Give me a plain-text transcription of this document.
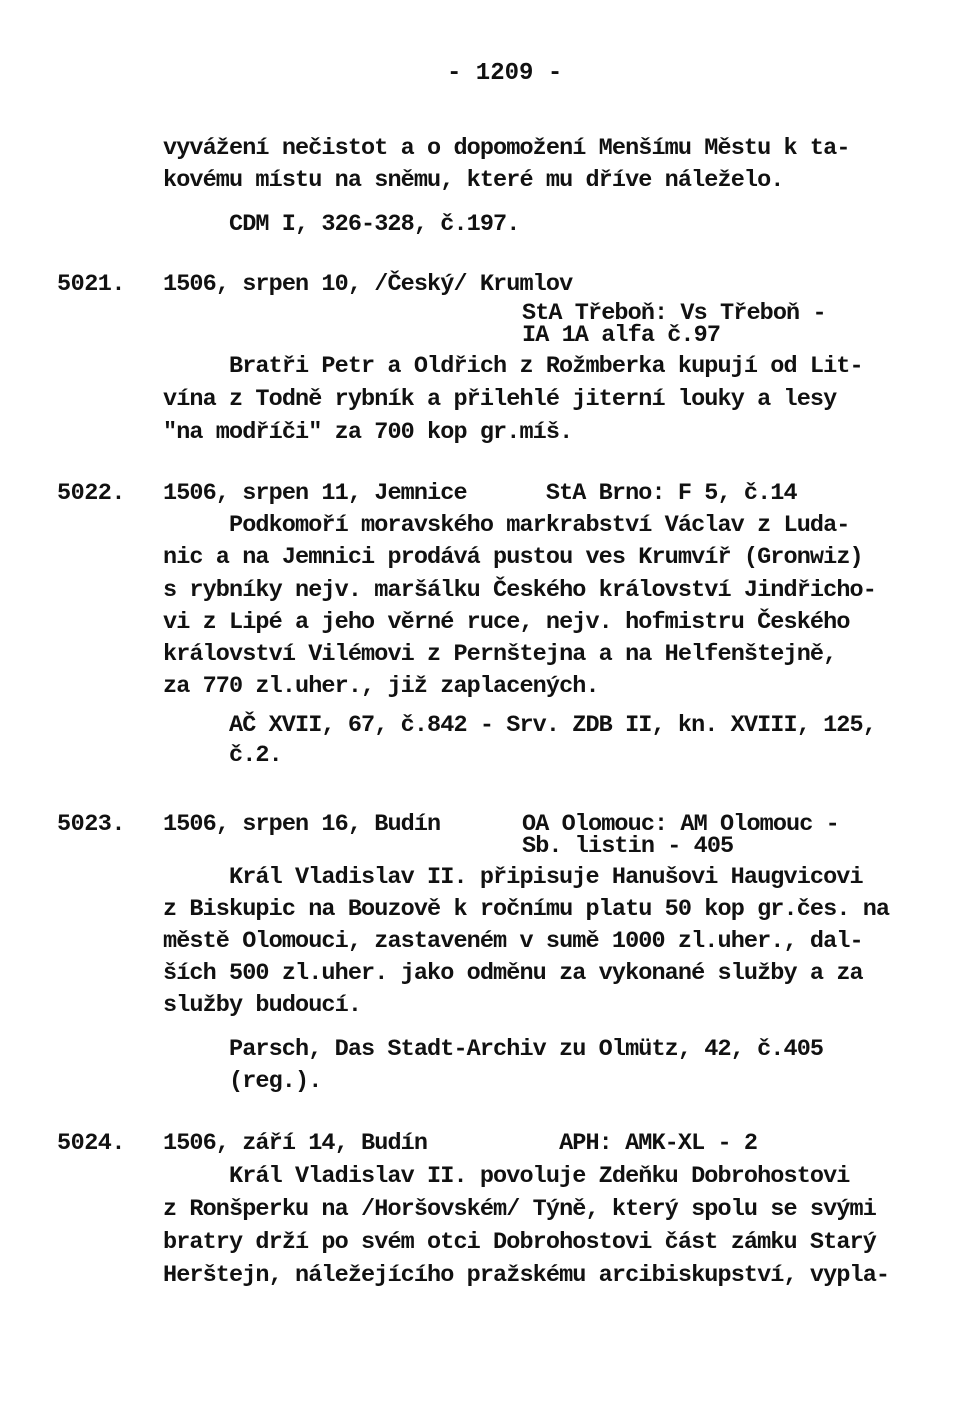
- 1209 -
vyvážení nečistot a o dopomožení Menšímu Městu k ta-
kovému místu na sněmu, které mu dříve náleželo.
CDM I, 326-328, č.197.
5021. 1506, srpen 10, /Český/ Krumlov
StA Třeboň: Vs Třeboň -
IA 1A alfa č.97
Bratři Petr a Oldřich z Rožmberka kupují od Lit-
vína z Todně rybník a přilehlé jiterní louky a lesy
"na modříči" za 700 kop gr.míš.
5022. 1506, srpen 11, Jemnice      StA Brno: F 5, č.14
Podkomoří moravského markrabství Václav z Luda-
nic a na Jemnici prodává pustou ves Krumvíř (Gronwiz)
s rybníky nejv. maršálku Českého království Jindřicho-
vi z Lipé a jeho věrné ruce, nejv. hofmistru Českého
království Vilémovi z Pernštejna a na Helfenštejně,
za 770 zl.uher., již zaplacených.
AČ XVII, 67, č.842 - Srv. ZDB II, kn. XVIII, 125,
č.2.
5023. 1506, srpen 16, Budín	OA Olomouc: AM Olomouc -
Sb. listin - 405
Král Vladislav II. připisuje Hanušovi Haugvicovi
z Biskupic na Bouzově k ročnímu platu 50 kop gr.čes. na
městě Olomouci, zastaveném v sumě 1000 zl.uher., dal-
ších 500 zl.uher. jako odměnu za vykonané služby a za
služby budoucí.
Parsch, Das Stadt-Archiv zu Olmütz, 42, č.405
(reg.).
5024. 1506, září 14, Budín          APH: AMK-XL - 2
Král Vladislav II. povoluje Zdeňku Dobrohostovi
z Ronšperku na /Horšovském/ Týně, který spolu se svými
bratry drží po svém otci Dobrohostovi část zámku Starý
Herštejn, náležejícího pražskému arcibiskupství, vypla-
